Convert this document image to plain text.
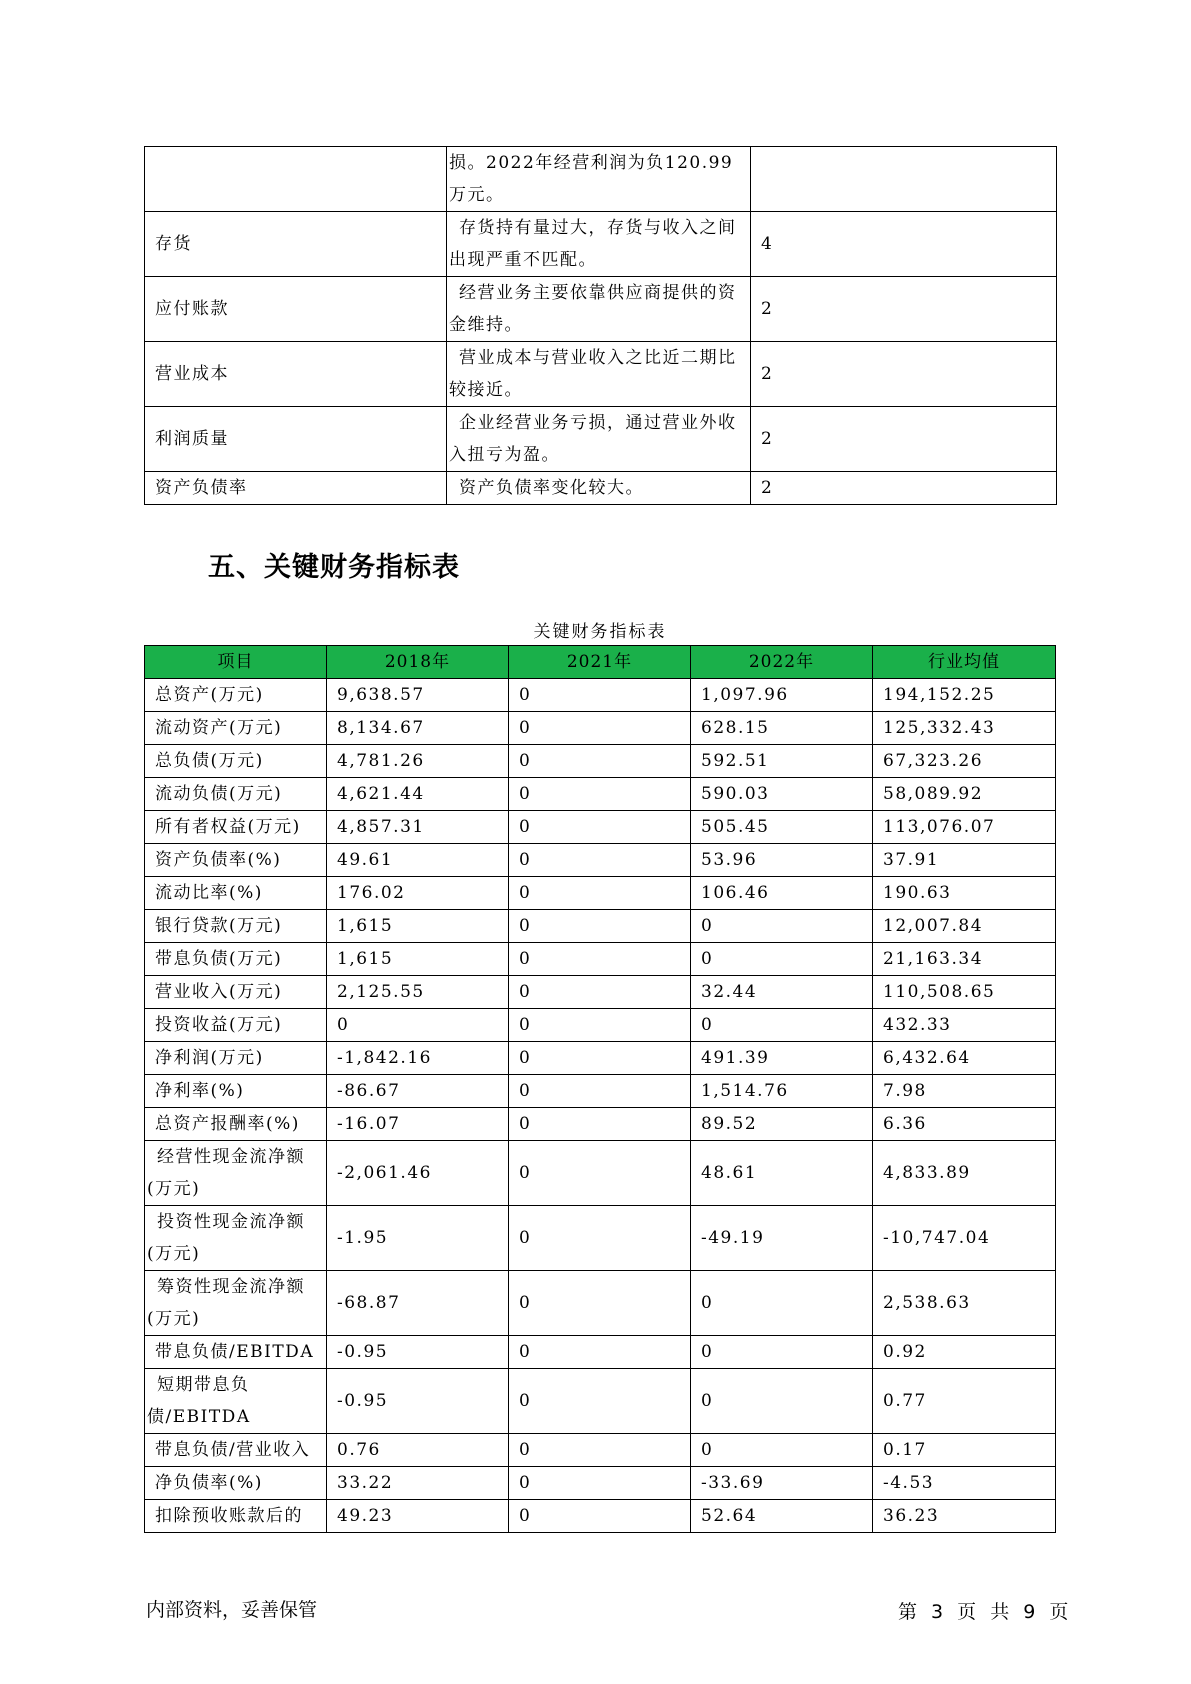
	损。2022年经营利润为负120.99万元。	
存货	存货持有量过大，存货与收入之间出现严重不匹配。	4
应付账款	经营业务主要依靠供应商提供的资金维持。	2
营业成本	营业成本与营业收入之比近二期比较接近。	2
利润质量	企业经营业务亏损，通过营业外收入扭亏为盈。	2
资产负债率	资产负债率变化较大。	2
五、关键财务指标表
关键财务指标表
项目	2018年	2021年	2022年	行业均值
总资产(万元)	9,638.57	0	1,097.96	194,152.25
流动资产(万元)	8,134.67	0	628.15	125,332.43
总负债(万元)	4,781.26	0	592.51	67,323.26
流动负债(万元)	4,621.44	0	590.03	58,089.92
所有者权益(万元)	4,857.31	0	505.45	113,076.07
资产负债率(%)	49.61	0	53.96	37.91
流动比率(%)	176.02	0	106.46	190.63
银行贷款(万元)	1,615	0	0	12,007.84
带息负债(万元)	1,615	0	0	21,163.34
营业收入(万元)	2,125.55	0	32.44	110,508.65
投资收益(万元)	0	0	0	432.33
净利润(万元)	-1,842.16	0	491.39	6,432.64
净利率(%)	-86.67	0	1,514.76	7.98
总资产报酬率(%)	-16.07	0	89.52	6.36
经营性现金流净额(万元)	-2,061.46	0	48.61	4,833.89
投资性现金流净额(万元)	-1.95	0	-49.19	-10,747.04
筹资性现金流净额(万元)	-68.87	0	0	2,538.63
带息负债/EBITDA	-0.95	0	0	0.92
短期带息负债/EBITDA	-0.95	0	0	0.77
带息负债/营业收入	0.76	0	0	0.17
净负债率(%)	33.22	0	-33.69	-4.53
扣除预收账款后的	49.23	0	52.64	36.23
内部资料，妥善保管	第 3 页 共 9 页
